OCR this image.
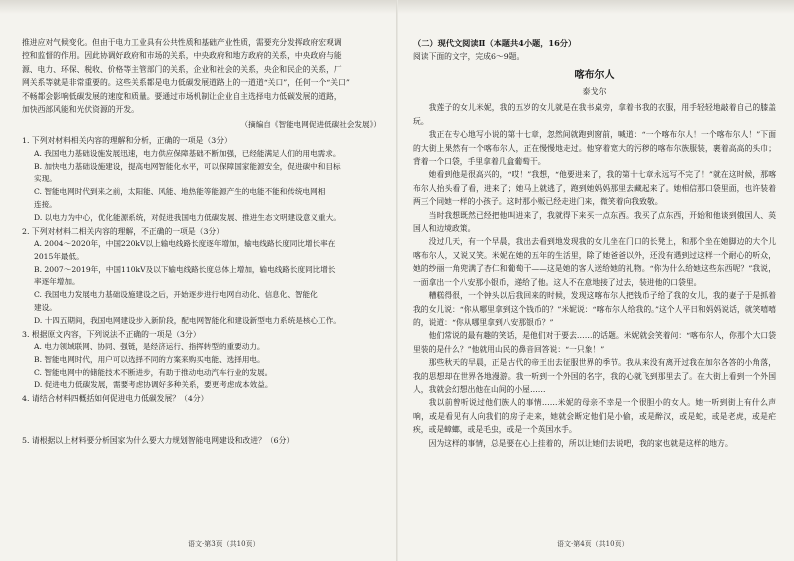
推进应对气候变化。但由于电力工业具有公共性质和基础产业性质，需要充分发挥政府宏观调

控和监督的作用。因此协调好政府和市场的关系，中央政府和地方政府的关系，中央政府与能

源、电力、环保、税收、价格等主管部门的关系，企业和社会的关系，央企和民企的关系，厂

网关系等就是非常重要的。这些关系都是电力低碳发展道路上的一道道“关口”，任何一个“关口”

不畅都会影响低碳发展的速度和质量。要通过市场机制让企业自主选择电力低碳发展的道路，

加快西部风能和光伏资源的开发。

（摘编自《智能电网促进低碳社会发展》）

1. 下列对材料相关内容的理解和分析，正确的一项是（3分）

A. 我国电力基础设施发展迅速，电力供应保障基础不断加强，已经能满足人们的用电需求。

B. 加快电力基础设施建设，提高电网智能化水平，可以保障国家能源安全，促进碳中和目标

实现。

C. 智能电网时代到来之前，太阳能、风能、地热能等能源产生的电能不能和传统电网相

连接。

D. 以电力为中心，优化能源系统，对促进我国电力低碳发展、推进生态文明建设意义重大。

2. 下列对材料二相关内容的理解，不正确的一项是（3分）

A. 2004～2020年，中国220kV以上输电线路长度逐年增加，输电线路长度同比增长率在

2015年最低。

B. 2007～2019年，中国110kV及以下输电线路长度总体上增加，输电线路长度同比增长

率逐年增加。

C. 我国电力发展电力基础设施建设之后，开始逐步进行电网自动化、信息化、智能化

建设。

D. 十四五期间，我国电网建设步入新阶段，配电网智能化和建设新型电力系统是核心工作。

3. 根据原文内容，下列说法不正确的一项是（3分）

A. 电力领域联网、协同、强链，是经济运行、指挥转型的重要动力。

B. 智能电网时代，用户可以选择不同的方案来购买电能、选择用电。

C. 智能电网中的储能技术不断进步，有助于推动电动汽车行业的发展。

D. 促进电力低碳发展，需要考虑协调好多种关系，要更考虑成本效益。

4. 请结合材料四概括如何促进电力低碳发展？（4分）

5. 请根据以上材料要分析国家为什么要大力规划智能电网建设和改进？（6分）

语文·第3页（共10页）

（二）现代文阅读Ⅱ（本题共4小题，16分）

阅读下面的文字，完成6～9题。

喀布尔人

泰戈尔

我莲子的女儿米妮，我的五岁的女儿就是在我书桌旁，拿着书我的衣服，用手轻轻地敲着自己的膝盖玩。

我正在专心地写小说的第十七章，忽然间就跑到窗前，喊道：“一个喀布尔人！一个喀布尔人！”下面的大街上果然有一个喀布尔人，正在慢慢地走过。他穿着宽大的污秽的喀布尔族服装，裹着高高的头巾；背着一个口袋，手里拿着几盒葡萄干。

她看到他是很高兴的，“哎！”我想，“他要进来了，我的第十七章永远写不完了！”就在这时候，那喀布尔人抬头看了看，进来了；她马上就逃了，跑到她妈妈那里去藏起来了。她相信那口袋里面，也许装着两三个同她一样的小孩子。这时那小贩已经走进门来，微笑着向我致敬。

当时我想既然已经把他叫进来了，我就得下来买一点东西。我买了点东西，开始和他谈到俄国人、英国人和边境政策。

没过几天，有一个早晨，我出去看到地发现我的女儿坐在门口的长凳上，和那个坐在她脚边的大个儿喀布尔人，又说又笑。米妮在她的五年的生活里，除了她爸爸以外，还没有遇到过这样一个耐心的听众，她的纱丽一角兜满了杏仁和葡萄干——这是她的客人送给她的礼物。“你为什么给她这些东西呢？”我说，一面拿出一个八安那小银币，递给了他。这人不在意地接了过去，装进他的口袋里。

糟糕得很，一个钟头以后我回来的时候，发现这喀布尔人把钱币子给了我的女儿，我的妻子于是抓着我的女儿说：“你从哪里拿到这个钱币的？”米妮说：“喀布尔人给我的。”这个人平日和妈妈说话，就笑嘻嘻的，说道：“你从哪里拿到八安那银币？”

他们常说的最有趣的笑话，是他们对于要去……的话题。米妮就会笑着问：“喀布尔人，你那个大口袋里装的是什么？”他就用山民的鼻音回答说：“一只象！”

那些秋天的早晨，正是古代的帝王出去征服世界的季节。我从来没有离开过我在加尔各答的小角落，我的思想却在世界各地漫游。我一听到一个外国的名字，我的心就飞到那里去了。在大街上看到一个外国人，我就会幻想出他在山间的小屋……

我以前曾听说过他们族人的事情……米妮的母亲不幸是一个很胆小的女人。她一听到街上有什么声响，或是看见有人向我们的房子走来，她就会断定他们是小偷，或是醉汉，或是蛇，或是老虎，或是疟疾，或是蟑螂，或是毛虫，或是一个英国水手。

因为这样的事情，总是要在心上挂着的，所以让她们去说吧，我的家也就是这样的地方。

语文·第4页（共10页）
